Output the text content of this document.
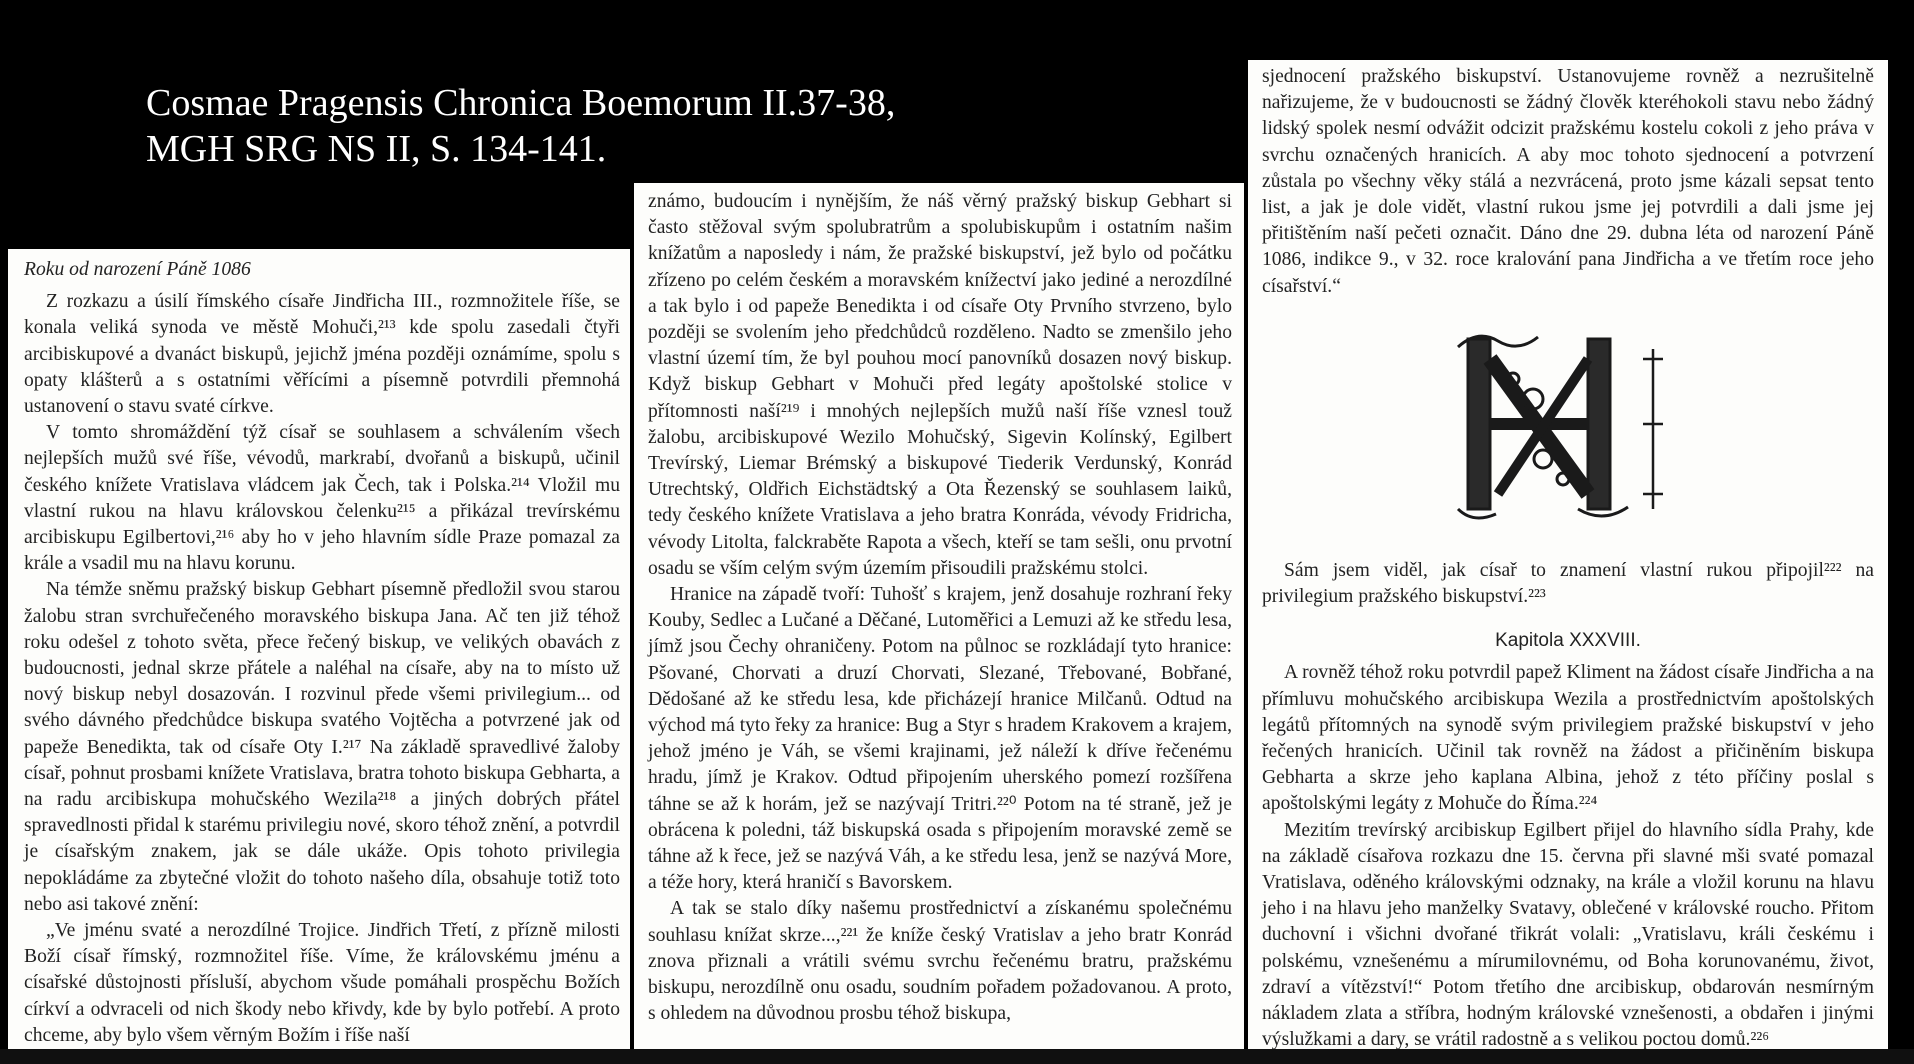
Cosmae Pragensis Chronica Boemorum II.37-38,
MGH SRG NS II, S. 134-141.
Roku od narození Páně 1086

Z rozkazu a úsilí římského císaře Jindřicha III., rozmnožitele říše, se konala veliká synoda ve městě Mohuči,²¹³ kde spolu zasedali čtyři arcibiskupové a dvanáct biskupů, jejichž jména později oznámíme, spolu s opaty klášterů a s ostatními věřícími a písemně potvrdili přemnohá ustanovení o stavu svaté církve.

V tomto shromáždění týž císař se souhlasem a schválením všech nejlepších mužů své říše, vévodů, markrabí, dvořanů a biskupů, učinil českého knížete Vratislava vládcem jak Čech, tak i Polska.²¹⁴ Vložil mu vlastní rukou na hlavu královskou čelenku²¹⁵ a přikázal trevírskému arcibiskupu Egilbertovi,²¹⁶ aby ho v jeho hlavním sídle Praze pomazal za krále a vsadil mu na hlavu korunu.

Na témže sněmu pražský biskup Gebhart písemně předložil svou starou žalobu stran svrchuřečeného moravského biskupa Jana. Ač ten již téhož roku odešel z tohoto světa, přece řečený biskup, ve velikých obavách z budoucnosti, jednal skrze přátele a naléhal na císaře, aby na to místo už nový biskup nebyl dosazován. I rozvinul přede všemi privilegium... od svého dávného předchůdce biskupa svatého Vojtěcha a potvrzené jak od papeže Benedikta, tak od císaře Oty I.²¹⁷ Na základě spravedlivé žaloby císař, pohnut prosbami knížete Vratislava, bratra tohoto biskupa Gebharta, a na radu arcibiskupa mohučského Wezila²¹⁸ a jiných dobrých přátel spravedlnosti přidal k starému privilegiu nové, skoro téhož znění, a potvrdil je císařským znakem, jak se dále ukáže. Opis tohoto privilegia nepokládáme za zbytečné vložit do tohoto našeho díla, obsahuje totiž toto nebo asi takové znění:

„Ve jménu svaté a nerozdílné Trojice. Jindřich Třetí, z přízně milosti Boží císař římský, rozmnožitel říše. Víme, že královskému jménu a císařské důstojnosti přísluší, abychom všude pomáhali prospěchu Božích církví a odvraceli od nich škody nebo křivdy, kde by bylo potřebí. A proto chceme, aby bylo všem věrným Božím i říše naší

známo, budoucím i nynějším, že náš věrný pražský biskup Gebhart si často stěžoval svým spolubratrům a spolubiskupům i ostatním našim knížatům a naposledy i nám, že pražské biskupství, jež bylo od počátku zřízeno po celém českém a moravském knížectví jako jediné a nerozdílné a tak bylo i od papeže Benedikta i od císaře Oty Prvního stvrzeno, bylo později se svolením jeho předchůdců rozděleno. Nadto se zmenšilo jeho vlastní území tím, že byl pouhou mocí panovníků dosazen nový biskup. Když biskup Gebhart v Mohuči před legáty apoštolské stolice v přítomnosti naší²¹⁹ i mnohých nejlepších mužů naší říše vznesl touž žalobu, arcibiskupové Wezilo Mohučský, Sigevin Kolínský, Egilbert Trevírský, Liemar Brémský a biskupové Tiederik Verdunský, Konrád Utrechtský, Oldřich Eichstädtský a Ota Řezenský se souhlasem laiků, tedy českého knížete Vratislava a jeho bratra Konráda, vévody Fridricha, vévody Litolta, falckraběte Rapota a všech, kteří se tam sešli, onu prvotní osadu se vším celým svým územím přisoudili pražskému stolci.

Hranice na západě tvoří: Tuhošť s krajem, jenž dosahuje rozhraní řeky Kouby, Sedlec a Lučané a Děčané, Lutoměřici a Lemuzi až ke středu lesa, jímž jsou Čechy ohraničeny. Potom na půlnoc se rozkládají tyto hranice: Pšované, Chorvati a druzí Chorvati, Slezané, Třebované, Bobřané, Dědošané až ke středu lesa, kde přicházejí hranice Milčanů. Odtud na východ má tyto řeky za hranice: Bug a Styr s hradem Krakovem a krajem, jehož jméno je Váh, se všemi krajinami, jež náleží k dříve řečenému hradu, jímž je Krakov. Odtud připojením uherského pomezí rozšířena táhne se až k horám, jež se nazývají Tritri.²²⁰ Potom na té straně, jež je obrácena k poledni, táž biskupská osada s připojením moravské země se táhne až k řece, jež se nazývá Váh, a ke středu lesa, jenž se nazývá More, a téže hory, která hraničí s Bavorskem.

A tak se stalo díky našemu prostřednictví a získanému společnému souhlasu knížat skrze...,²²¹ že kníže český Vratislav a jeho bratr Konrád znova přiznali a vrátili svému svrchu řečenému bratru, pražskému biskupu, nerozdílně onu osadu, soudním pořadem požadovanou. A proto, s ohledem na důvodnou prosbu téhož biskupa,

sjednocení pražského biskupství. Ustanovujeme rovněž a nezrušitelně nařizujeme, že v budoucnosti se žádný člověk kteréhokoli stavu nebo žádný lidský spolek nesmí odvážit odcizit pražskému kostelu cokoli z jeho práva v svrchu označených hranicích. A aby moc tohoto sjednocení a potvrzení zůstala po všechny věky stálá a nezvrácená, proto jsme kázali sepsat tento list, a jak je dole vidět, vlastní rukou jsme jej potvrdili a dali jsme jej přitištěním naší pečeti označit. Dáno dne 29. dubna léta od narození Páně 1086, indikce 9., v 32. roce kralování pana Jindřicha a ve třetím roce jeho císařství.“

Sám jsem viděl, jak císař to znamení vlastní rukou připojil²²² na privilegium pražského biskupství.²²³

Kapitola XXXVIII.

A rovněž téhož roku potvrdil papež Kliment na žádost císaře Jindřicha a na přímluvu mohučského arcibiskupa Wezila a prostřednictvím apoštolských legátů přítomných na synodě svým privilegiem pražské biskupství v jeho řečených hranicích. Učinil tak rovněž na žádost a přičiněním biskupa Gebharta a skrze jeho kaplana Albina, jehož z této příčiny poslal s apoštolskými legáty z Mohuče do Říma.²²⁴

Mezitím trevírský arcibiskup Egilbert přijel do hlavního sídla Prahy, kde na základě císařova rozkazu dne 15. června při slavné mši svaté pomazal Vratislava, oděného královskými odznaky, na krále a vložil korunu na hlavu jeho i na hlavu jeho manželky Svatavy, oblečené v královské roucho. Přitom duchovní i všichni dvořané třikrát volali: „Vratislavu, králi českému i polskému, vznešenému a mírumilovnému, od Boha korunovanému, život, zdraví a vítězství!“ Potom třetího dne arcibiskup, obdarován nesmírným nákladem zlata a stříbra, hodným královské vznešenosti, a obdařen i jinými výslužkami a dary, se vrátil radostně a s velikou poctou domů.²²⁶
